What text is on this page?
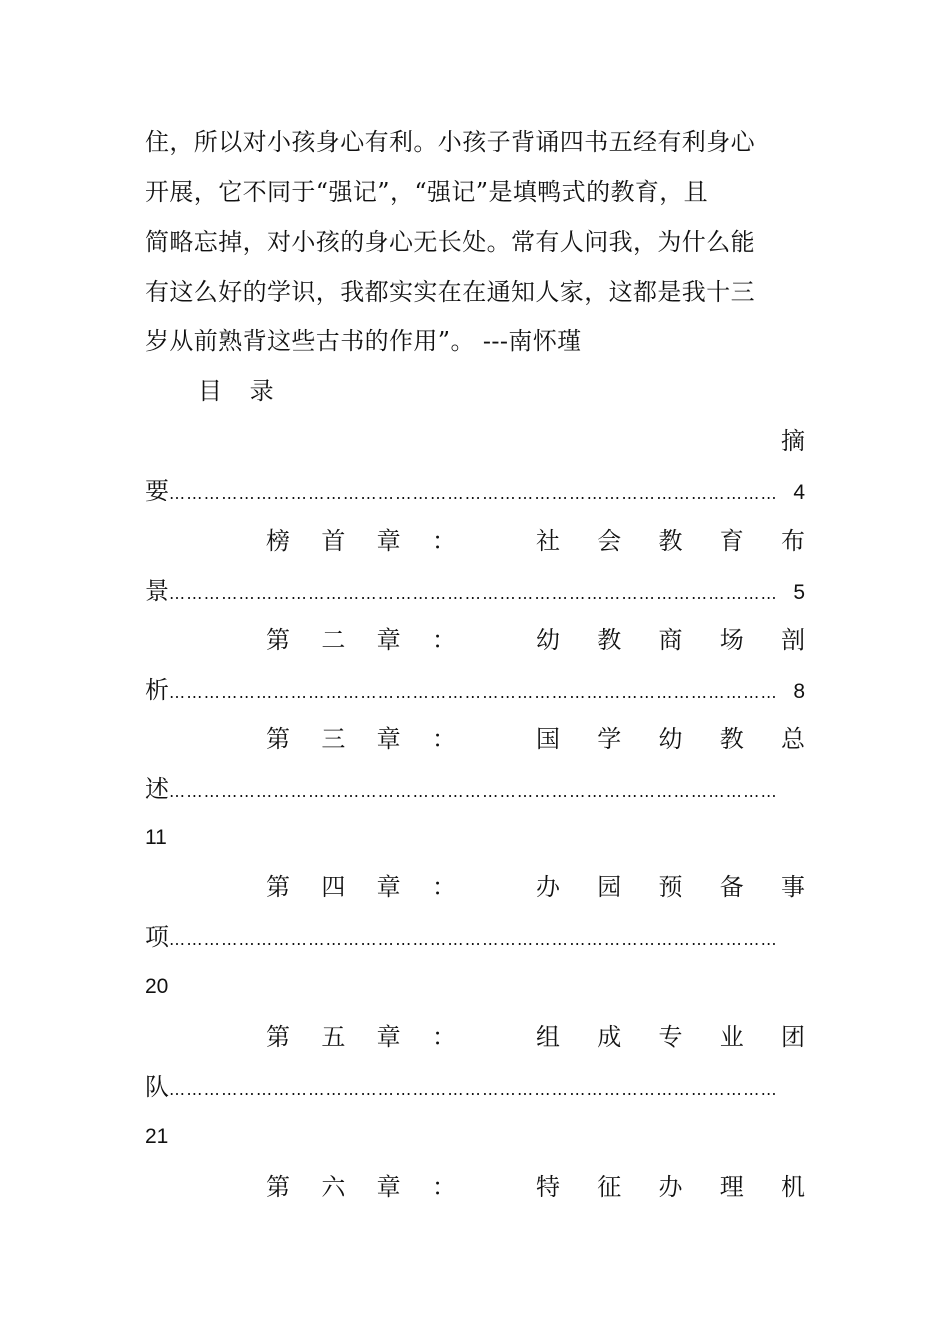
住，所以对小孩身心有利。小孩子背诵四书五经有利身心
开展，它不同于“强记”，“强记”是填鸭式的教育，且
简略忘掉，对小孩的身心无长处。常有人问我，为什么能
有这么好的学识，我都实实在在通知人家，这都是我十三
岁从前熟背这些古书的作用”。 ---南怀瑾
目 录
摘
要 …………………………………………………………………………………………… 4
榜 首 章 ：	社 会 教 育 布
景 …………………………………………………………………………………………… 5
第 二 章 ：	幼 教 商 场 剖
析 …………………………………………………………………………………………… 8
第 三 章 ：	国 学 幼 教 总
述 ……………………………………………………………………………………………
11
第 四 章 ：	办 园 预 备 事
项 ……………………………………………………………………………………………
20
第 五 章 ：	组 成 专 业 团
队 ……………………………………………………………………………………………
21
第 六 章 ：	特 征 办 理 机
